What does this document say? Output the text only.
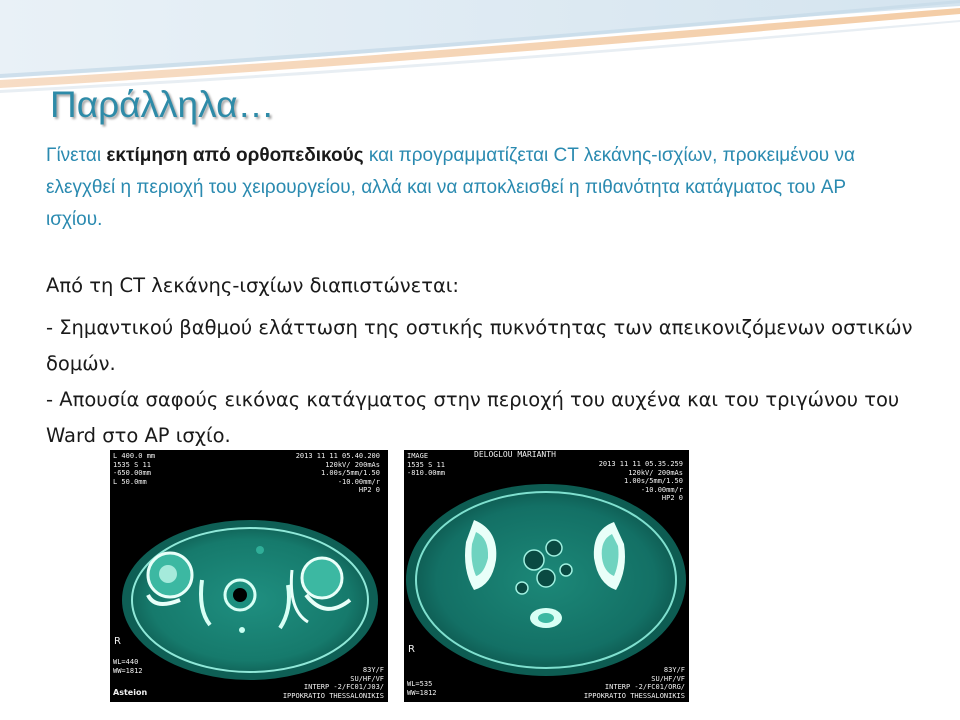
Παράλληλα…

Γίνεται εκτίμηση από ορθοπεδικούς και προγραμματίζεται CT λεκάνης-ισχίων, προκειμένου να ελεγχθεί η περιοχή του χειρουργείου, αλλά και να αποκλεισθεί η πιθανότητα κατάγματος του AP ισχίου.

Από τη CT λεκάνης-ισχίων διαπιστώνεται:
- Σημαντικού βαθμού ελάττωση της οστικής πυκνότητας των απεικονιζόμενων οστικών δομών.
- Απουσία σαφούς εικόνας κατάγματος στην περιοχή του αυχένα και του τριγώνου του Ward στο AP ισχίο.
L 400.0 mm
1535 S 11
-650.00mm
L 50.0mm
2013 11 11 05.40.200
120kV/ 200mAs
1.00s/5mm/1.50
-10.00mm/r
HP2 0
R
WL=440
WW=1812
Asteion
83Y/F
SU/HF/VF
INTERP -2/FC01/J03/
IPPOKRATIO THESSALONIKIS
DELOGLOU MARIANTH
IMAGE
1535 S 11
-810.00mm
2013 11 11 05.35.259
120kV/ 200mAs
1.00s/5mm/1.50
-10.00mm/r
HP2 0
R
WL=535
WW=1812
83Y/F
SU/HF/VF
INTERP -2/FC01/ORG/
IPPOKRATIO THESSALONIKIS
